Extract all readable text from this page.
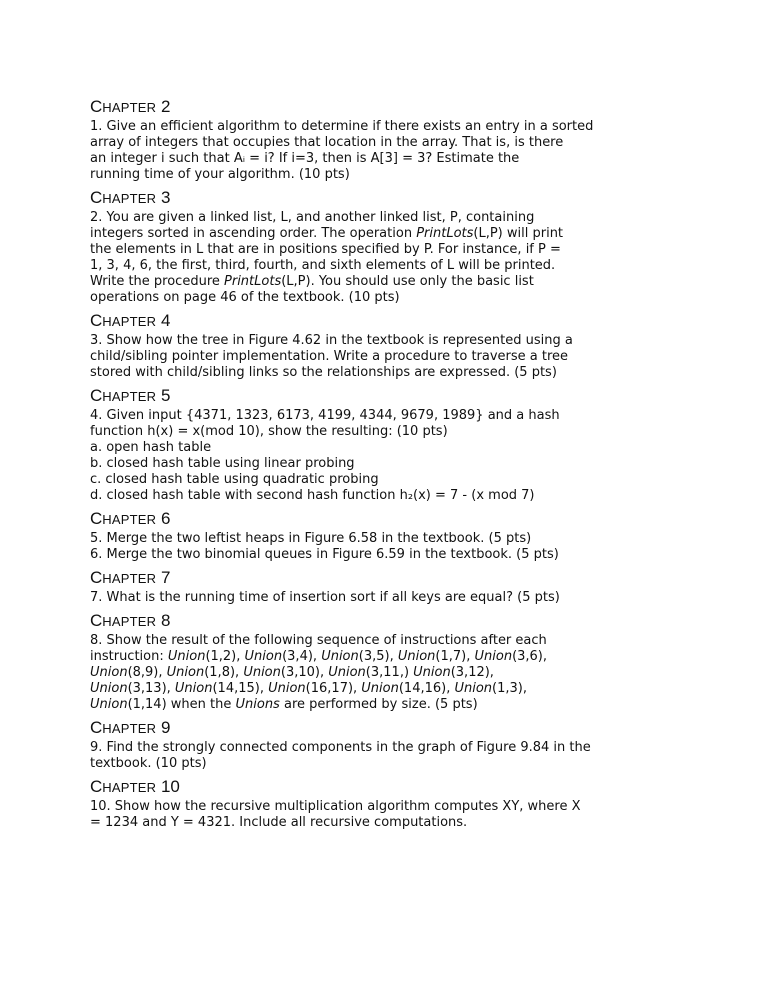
CHAPTER 2

1. Give an efficient algorithm to determine if there exists an entry in a sorted
array of integers that occupies that location in the array. That is, is there
an integer i such that Aᵢ = i? If i=3, then is A[3] = 3? Estimate the
running time of your algorithm. (10 pts)

CHAPTER 3

2. You are given a linked list, L, and another linked list, P, containing
integers sorted in ascending order. The operation PrintLots(L,P) will print
the elements in L that are in positions specified by P. For instance, if P =
1, 3, 4, 6, the first, third, fourth, and sixth elements of L will be printed.
Write the procedure PrintLots(L,P). You should use only the basic list
operations on page 46 of the textbook. (10 pts)

CHAPTER 4

3. Show how the tree in Figure 4.62 in the textbook is represented using a
child/sibling pointer implementation. Write a procedure to traverse a tree
stored with child/sibling links so the relationships are expressed. (5 pts)

CHAPTER 5

4. Given input {4371, 1323, 6173, 4199, 4344, 9679, 1989} and a hash
function h(x) = x(mod 10), show the resulting: (10 pts)
a. open hash table
b. closed hash table using linear probing
c. closed hash table using quadratic probing
d. closed hash table with second hash function h₂(x) = 7 - (x mod 7)

CHAPTER 6

5. Merge the two leftist heaps in Figure 6.58 in the textbook. (5 pts)
6. Merge the two binomial queues in Figure 6.59 in the textbook. (5 pts)

CHAPTER 7

7. What is the running time of insertion sort if all keys are equal? (5 pts)

CHAPTER 8

8. Show the result of the following sequence of instructions after each
instruction: Union(1,2), Union(3,4), Union(3,5), Union(1,7), Union(3,6),
Union(8,9), Union(1,8), Union(3,10), Union(3,11,) Union(3,12),
Union(3,13), Union(14,15), Union(16,17), Union(14,16), Union(1,3),
Union(1,14) when the Unions are performed by size. (5 pts)

CHAPTER 9

9. Find the strongly connected components in the graph of Figure 9.84 in the
textbook. (10 pts)

CHAPTER 10

10. Show how the recursive multiplication algorithm computes XY, where X
= 1234 and Y = 4321. Include all recursive computations.
